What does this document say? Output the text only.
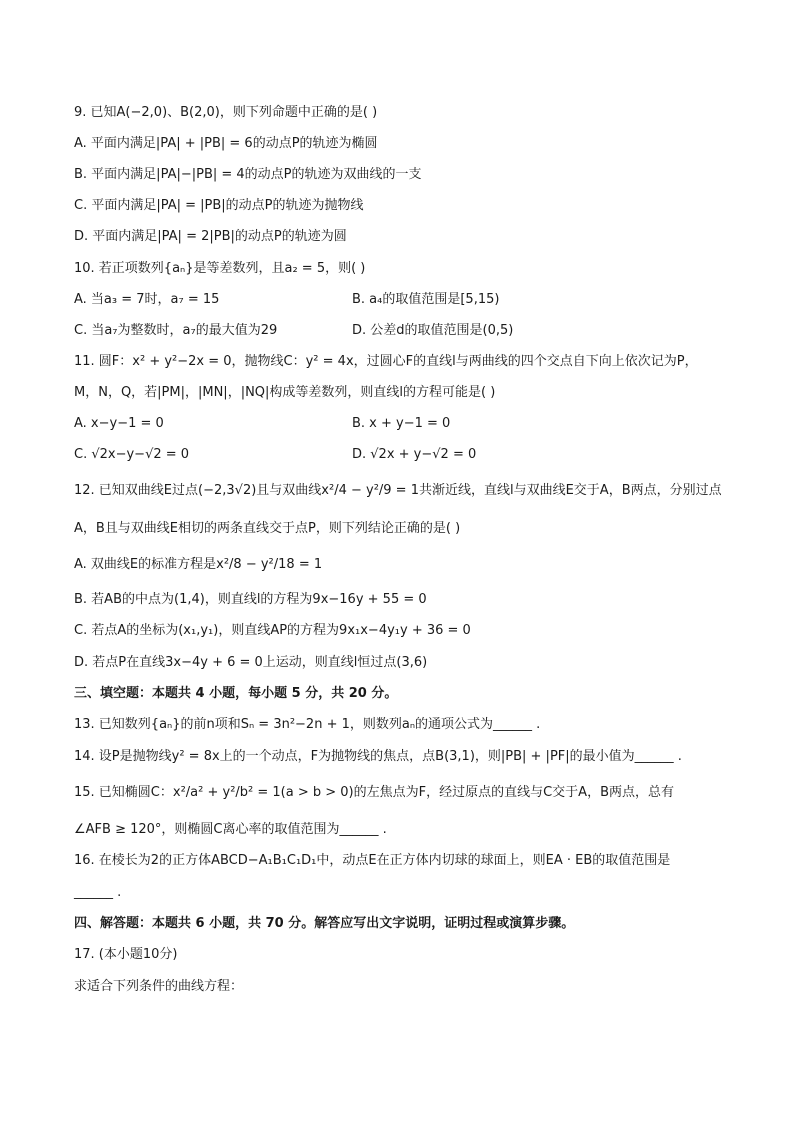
9. 已知A(−2,0)、B(2,0)，则下列命题中正确的是( )
A. 平面内满足|PA| + |PB| = 6的动点P的轨迹为椭圆
B. 平面内满足|PA|−|PB| = 4的动点P的轨迹为双曲线的一支
C. 平面内满足|PA| = |PB|的动点P的轨迹为抛物线
D. 平面内满足|PA| = 2|PB|的动点P的轨迹为圆
10. 若正项数列{aₙ}是等差数列，且a₂ = 5，则( )
A. 当a₃ = 7时，a₇ = 15	B. a₄的取值范围是[5,15)
C. 当a₇为整数时，a₇的最大值为29	D. 公差d的取值范围是(0,5)
11. 圆F：x² + y²−2x = 0，抛物线C：y² = 4x，过圆心F的直线l与两曲线的四个交点自下向上依次记为P，
M，N，Q，若|PM|，|MN|，|NQ|构成等差数列，则直线l的方程可能是( )
A. x−y−1 = 0	B. x + y−1 = 0
C. √2x−y−√2 = 0	D. √2x + y−√2 = 0
12. 已知双曲线E过点(−2,3√2)且与双曲线x²/4 − y²/9 = 1共渐近线，直线l与双曲线E交于A，B两点，分别过点
A，B且与双曲线E相切的两条直线交于点P，则下列结论正确的是( )
A. 双曲线E的标准方程是x²/8 − y²/18 = 1
B. 若AB的中点为(1,4)，则直线l的方程为9x−16y + 55 = 0
C. 若点A的坐标为(x₁,y₁)，则直线AP的方程为9x₁x−4y₁y + 36 = 0
D. 若点P在直线3x−4y + 6 = 0上运动，则直线l恒过点(3,6)
三、填空题：本题共 4 小题，每小题 5 分，共 20 分。
13. 已知数列{aₙ}的前n项和Sₙ = 3n²−2n + 1，则数列aₙ的通项公式为______ .
14. 设P是抛物线y² = 8x上的一个动点，F为抛物线的焦点，点B(3,1)，则|PB| + |PF|的最小值为______ .
15. 已知椭圆C：x²/a² + y²/b² = 1(a > b > 0)的左焦点为F，经过原点的直线与C交于A，B两点，总有
∠AFB ≥ 120°，则椭圆C离心率的取值范围为______ .
16. 在棱长为2的正方体ABCD−A₁B₁C₁D₁中，动点E在正方体内切球的球面上，则EA · EB的取值范围是
______ .
四、解答题：本题共 6 小题，共 70 分。解答应写出文字说明，证明过程或演算步骤。
17. (本小题10分)
求适合下列条件的曲线方程：
